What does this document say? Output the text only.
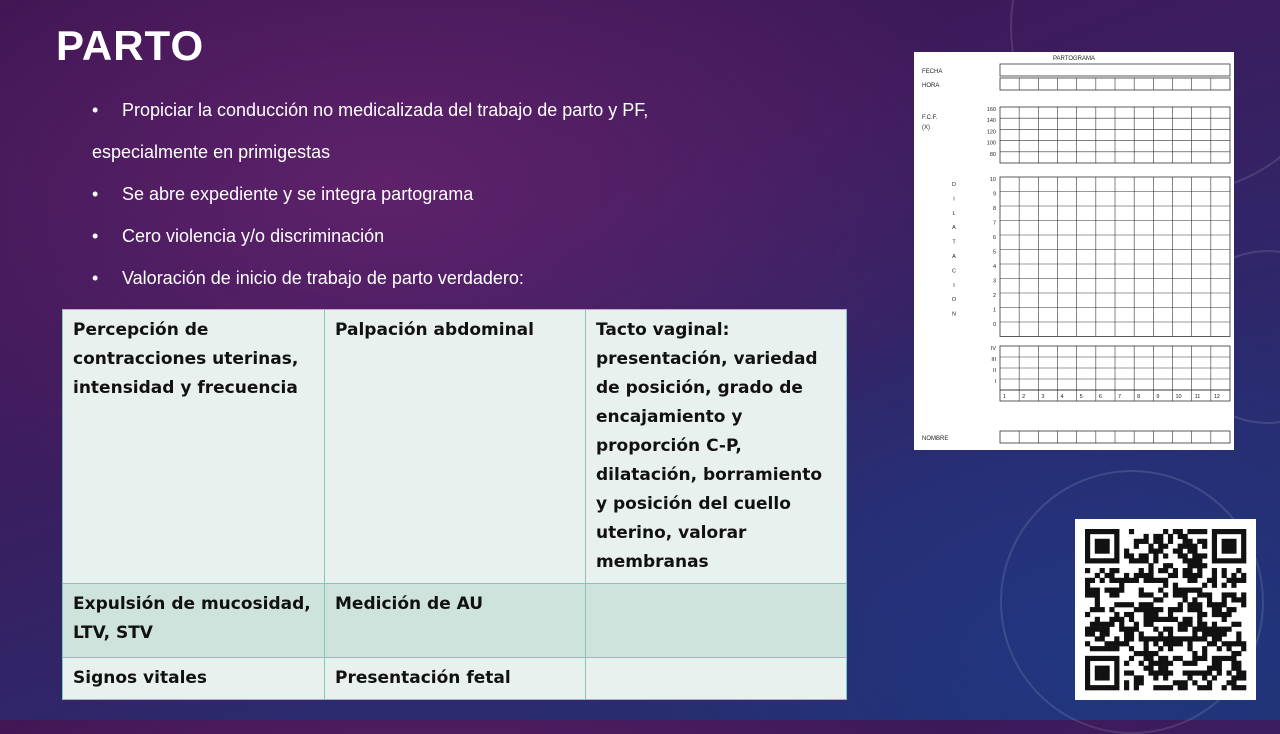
PARTO
• Propiciar la conducción no medicalizada del trabajo de parto y PF,
especialmente en primigestas
• Se abre expediente y se integra partograma
• Cero violencia y/o discriminación
• Valoración de inicio de trabajo de parto verdadero:
Percepción de contracciones uterinas, intensidad y frecuencia	Palpación abdominal	Tacto vaginal: presentación, variedad de posición, grado de encajamiento y proporción C-P, dilatación, borramiento y posición del cuello uterino, valorar membranas
Expulsión de mucosidad, LTV, STV	Medición de AU	
Signos vitales	Presentación fetal	
PARTOGRAMA
FECHA
HORA
F.C.F.
(X)
NOMBRE
160
140
120
100
80
10
9
8
7
6
5
4
3
2
1
0
D
I
L
A
T
A
C
I
O
N
IV
III
II
I
1	2	3	4	5	6	7	8	9	10 11 12
